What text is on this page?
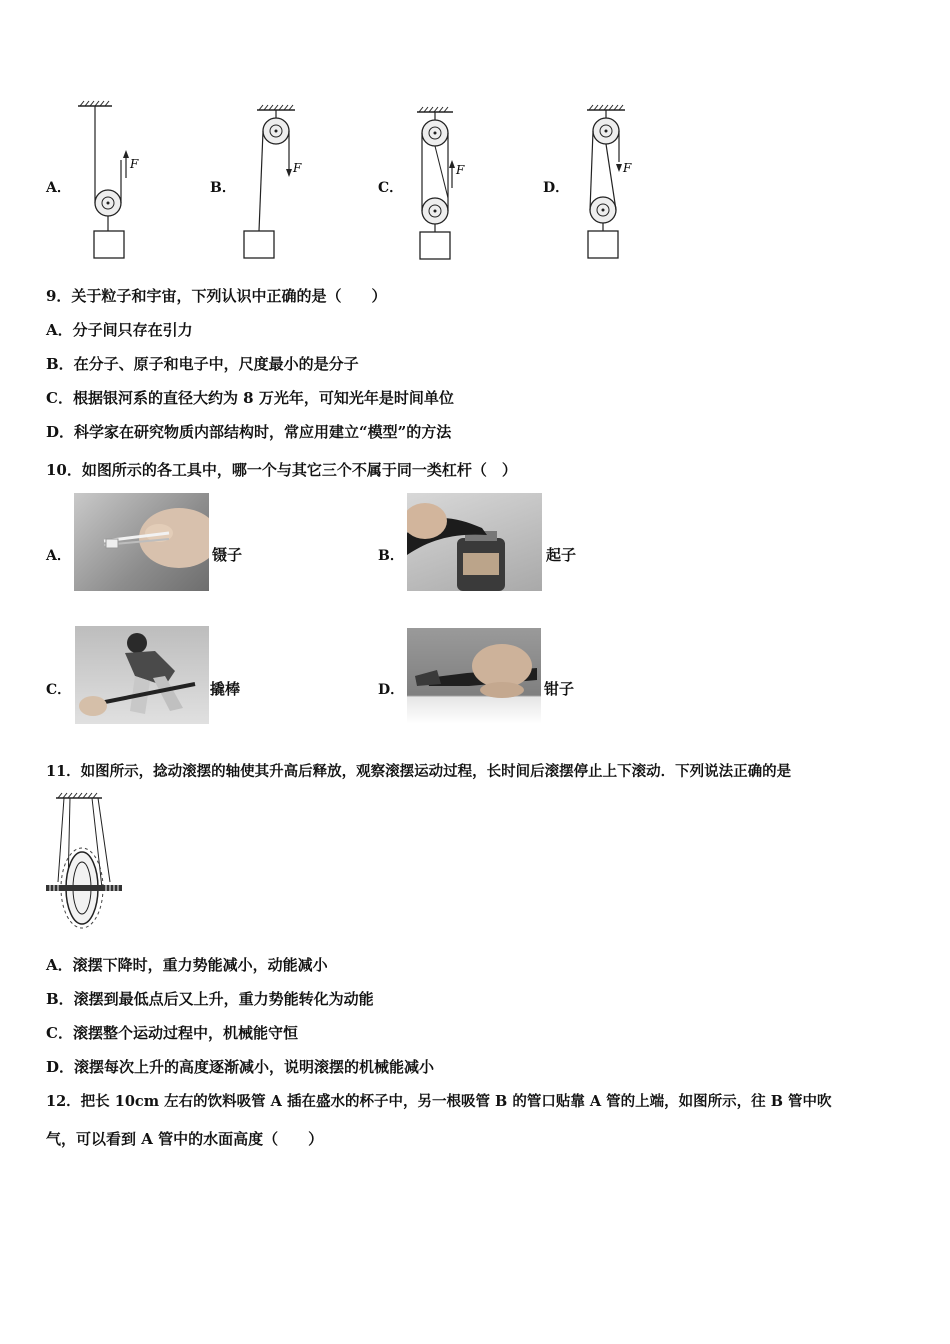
A．
F
B．
F
C．
F
D．
F
9．关于粒子和宇宙，下列认识中正确的是（　　）
A．分子间只存在引力
B．在分子、原子和电子中，尺度最小的是分子
C．根据银河系的直径大约为 8 万光年，可知光年是时间单位
D．科学家在研究物质内部结构时，常应用建立“模型”的方法
10．如图所示的各工具中，哪一个与其它三个不属于同一类杠杆（　）
A．	镊子	B．	起子
C．	撬棒	D．	钳子
11．如图所示，捻动滚摆的轴使其升高后释放，观察滚摆运动过程，长时间后滚摆停止上下滚动．下列说法正确的是
A．滚摆下降时，重力势能减小，动能减小
B．滚摆到最低点后又上升，重力势能转化为动能
C．滚摆整个运动过程中，机械能守恒
D．滚摆每次上升的高度逐渐减小，说明滚摆的机械能减小
12．把长 10cm 左右的饮料吸管 A 插在盛水的杯子中，另一根吸管 B 的管口贴靠 A 管的上端，如图所示，往 B 管中吹
气，可以看到 A 管中的水面高度（　　）
